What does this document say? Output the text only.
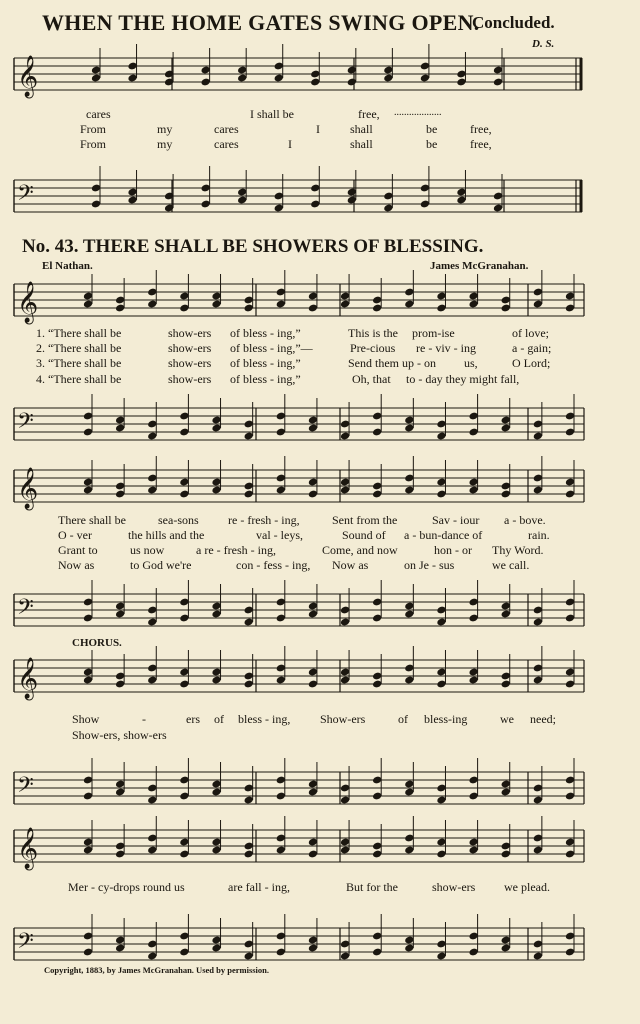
𝄞
𝄢
𝄞
𝄢
𝄞
𝄢
𝄞
𝄢
𝄞
𝄢
WHEN THE HOME GATES SWING OPEN.
Concluded.
D. S.
cares	I shall be	free, ...................
From	my	cares	I	shall	be	free,
From	my	cares	I	shall	be	free,
No. 43. THERE SHALL BE SHOWERS OF BLESSING.
El Nathan.	James McGranahan.
1. “There shall be	show-ers of bless - ing,”	This is the prom-ise	of love;
2. “There shall be	show-ers of bless - ing,”—	Pre-cious re - viv - ing	a - gain;
3. “There shall be	show-ers of bless - ing,”	Send them up - on us,	O Lord;
4. “There shall be	show-ers of bless - ing,”	Oh, that to - day they might fall,
There shall be	sea-sons re - fresh - ing,	Sent from the	Sav - iour a - bove.
O - ver	the hills and the	val - leys,	Sound of a - bun-dance of	rain.
Grant to	us now	a re - fresh - ing,	Come, and now	hon - or Thy Word.
Now as	to God we're	con - fess - ing, Now as	on Je - sus	we call.
CHORUS.
Show	-	ers of bless - ing, Show-ers	of bless-ing	we need;
Show-ers, show-ers
Mer - cy-drops round us	are fall - ing,	But for the	show-ers we plead.
Copyright, 1883, by James McGranahan. Used by permission.
